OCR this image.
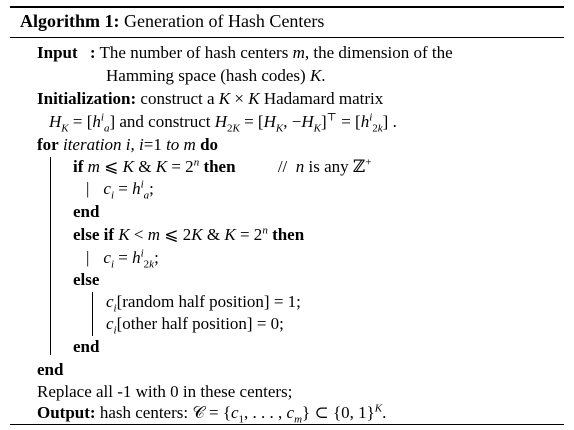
Algorithm 1: Generation of Hash Centers
Input : The number of hash centers m, the dimension of the
Hamming space (hash codes) K.
Initialization: construct a K × K Hadamard matrix
$H_K = [h^i_a]$ and construct $H_{2K} = [H_K$, $-H_K]^⊤ = [h^i_{2k}]$ .
for iteration i, i=1 to m do
if m ⩽ K & $K = 2^n$ then //  n is any ℤ+
| $c_i = h^i_a$;
end
else if K < m ⩽ 2K & $K = 2^n$ then
| $c_i = h^i_{2k}$;
else
$c_i[random$ half position] = 1;
$c_i[other$ half position] = 0;
end
end
Replace all -1 with 0 in these centers;
Output: hash centers: 𝒞 = {$c_1$, . . . , $c_m$} ⊂ {0, 1}$^K$.
